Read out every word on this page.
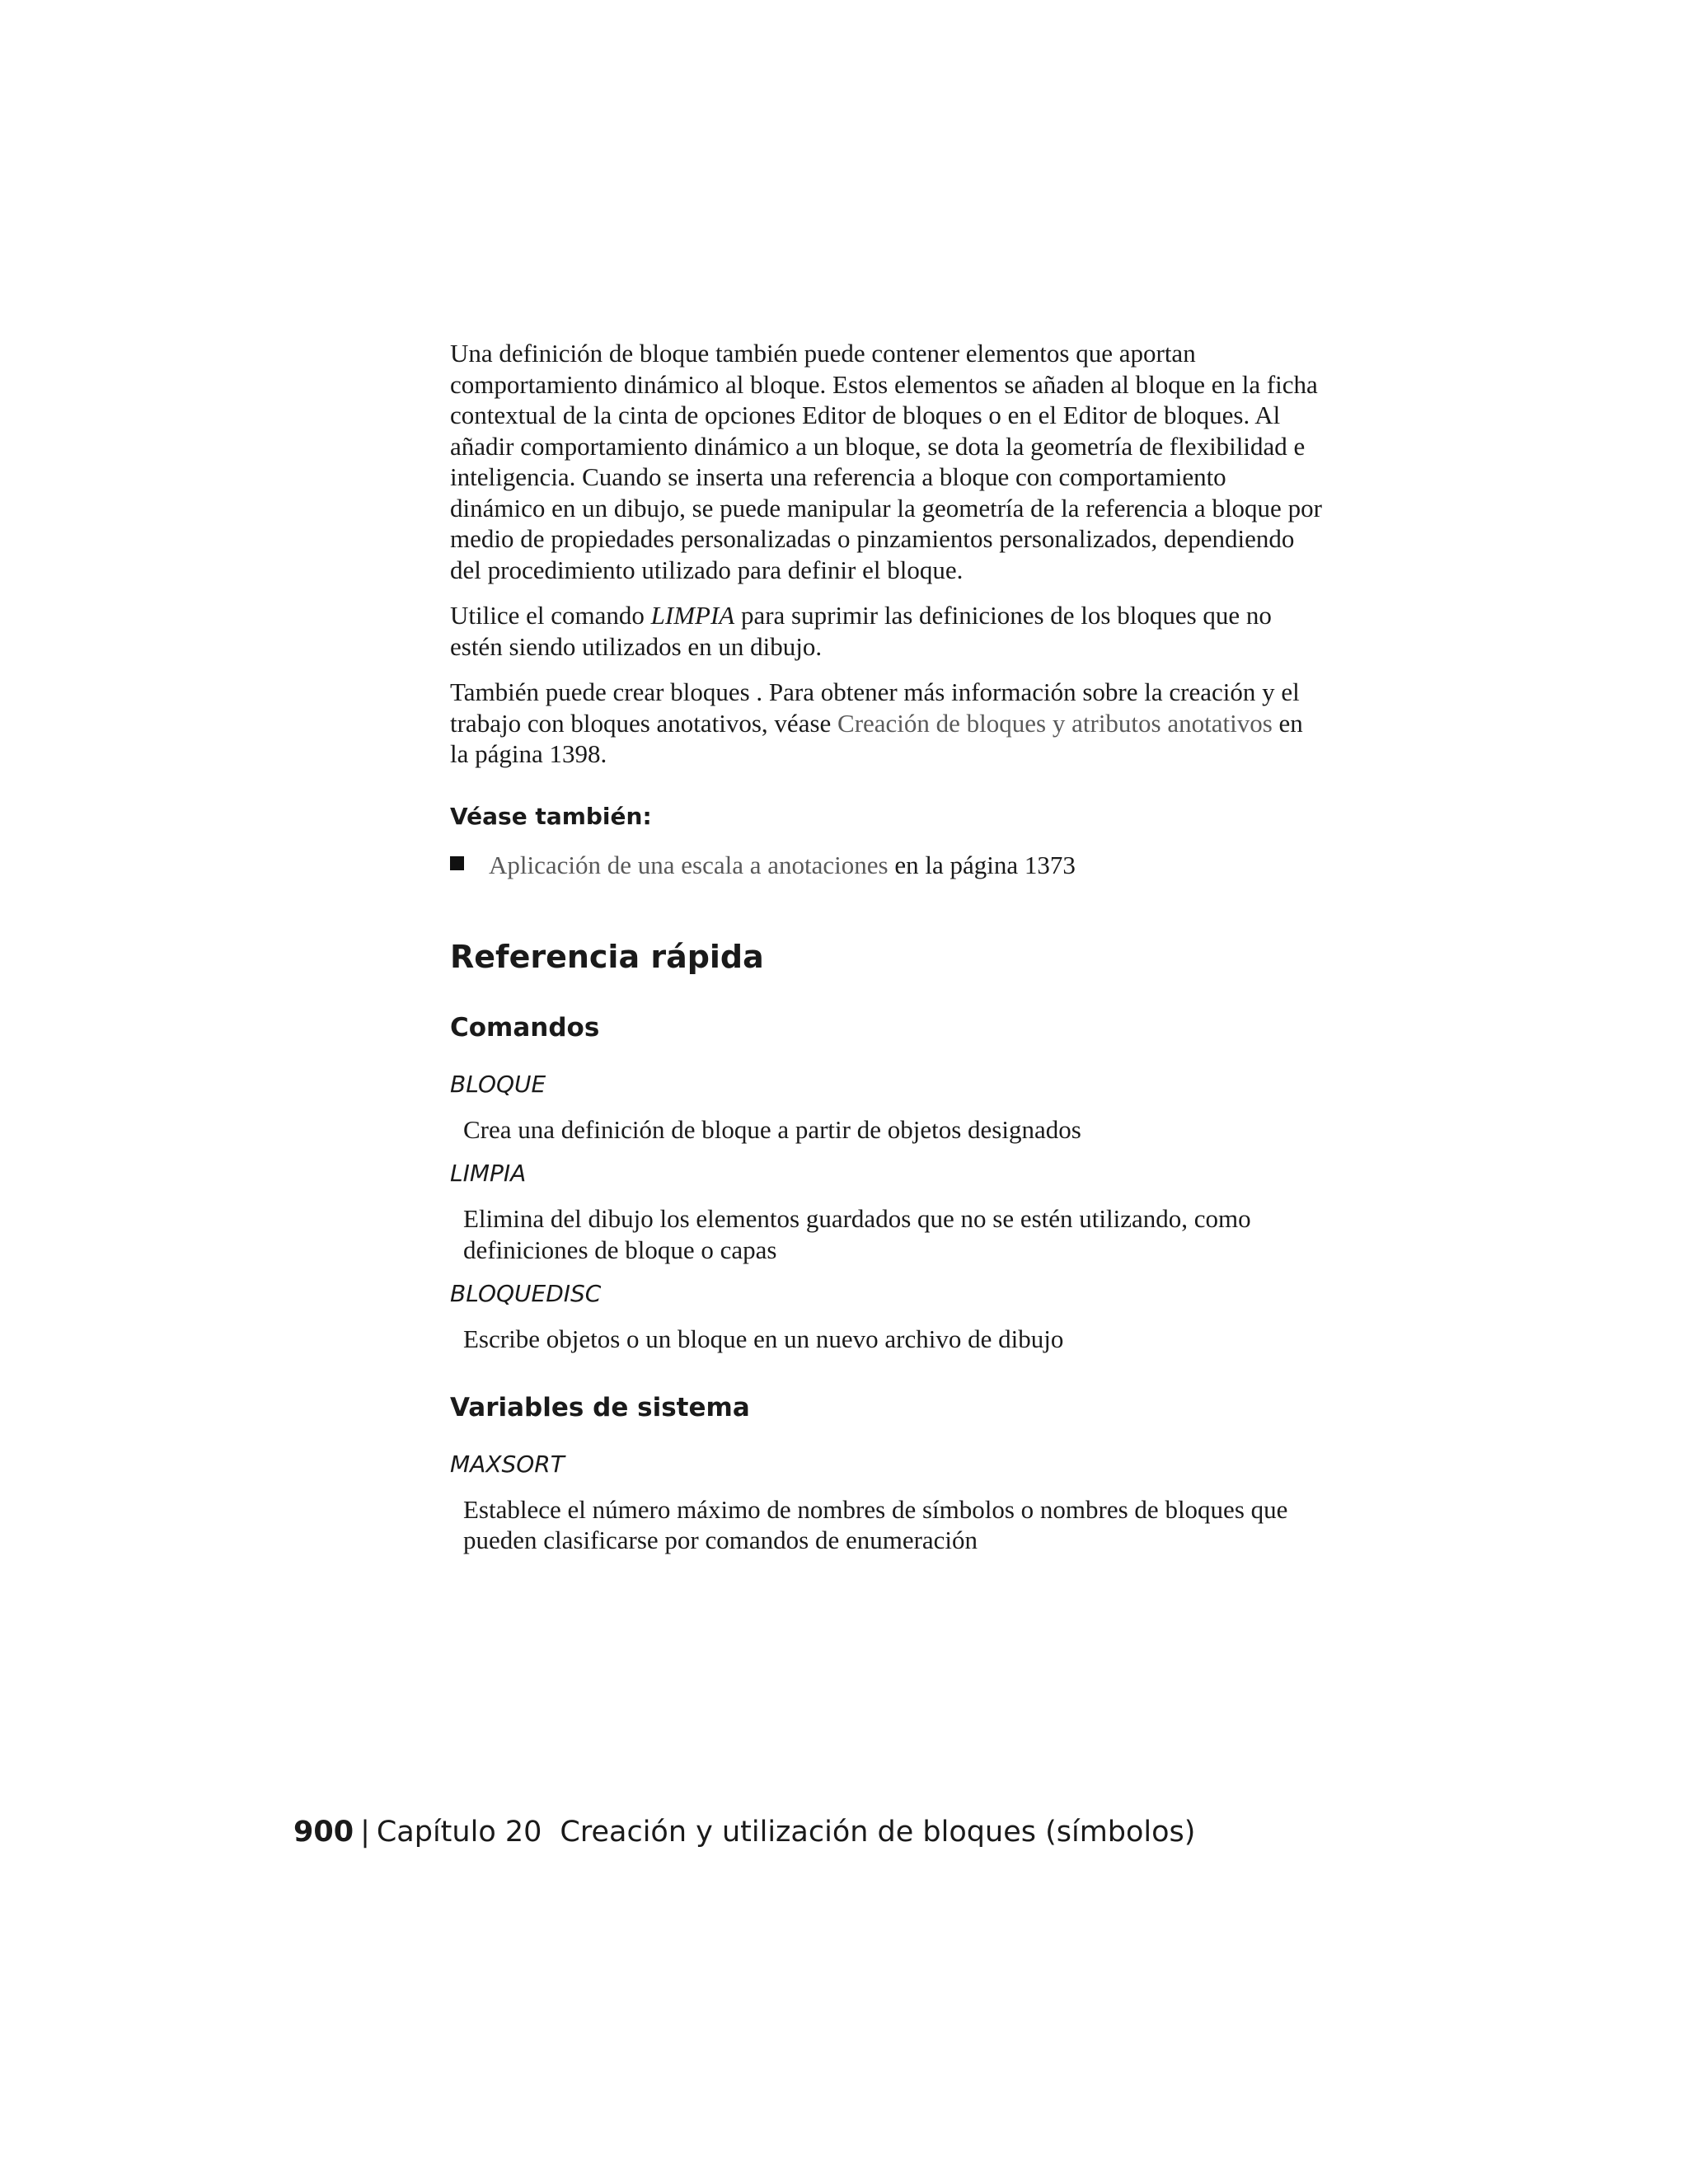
Una definición de bloque también puede contener elementos que aportan comportamiento dinámico al bloque. Estos elementos se añaden al bloque en la ficha contextual de la cinta de opciones Editor de bloques o en el Editor de bloques. Al añadir comportamiento dinámico a un bloque, se dota la geometría de flexibilidad e inteligencia. Cuando se inserta una referencia a bloque con comportamiento dinámico en un dibujo, se puede manipular la geometría de la referencia a bloque por medio de propiedades personalizadas o pinzamientos personalizados, dependiendo del procedimiento utilizado para definir el bloque.

Utilice el comando LIMPIA para suprimir las definiciones de los bloques que no estén siendo utilizados en un dibujo.

También puede crear bloques . Para obtener más información sobre la creación y el trabajo con bloques anotativos, véase Creación de bloques y atributos anotativos en la página 1398.

Véase también:
Aplicación de una escala a anotaciones en la página 1373
Referencia rápida
Comandos
BLOQUE
Crea una definición de bloque a partir de objetos designados
LIMPIA
Elimina del dibujo los elementos guardados que no se estén utilizando, como definiciones de bloque o capas
BLOQUEDISC
Escribe objetos o un bloque en un nuevo archivo de dibujo
Variables de sistema
MAXSORT
Establece el número máximo de nombres de símbolos o nombres de bloques que pueden clasificarse por comandos de enumeración
900 | Capítulo 20 Creación y utilización de bloques (símbolos)
